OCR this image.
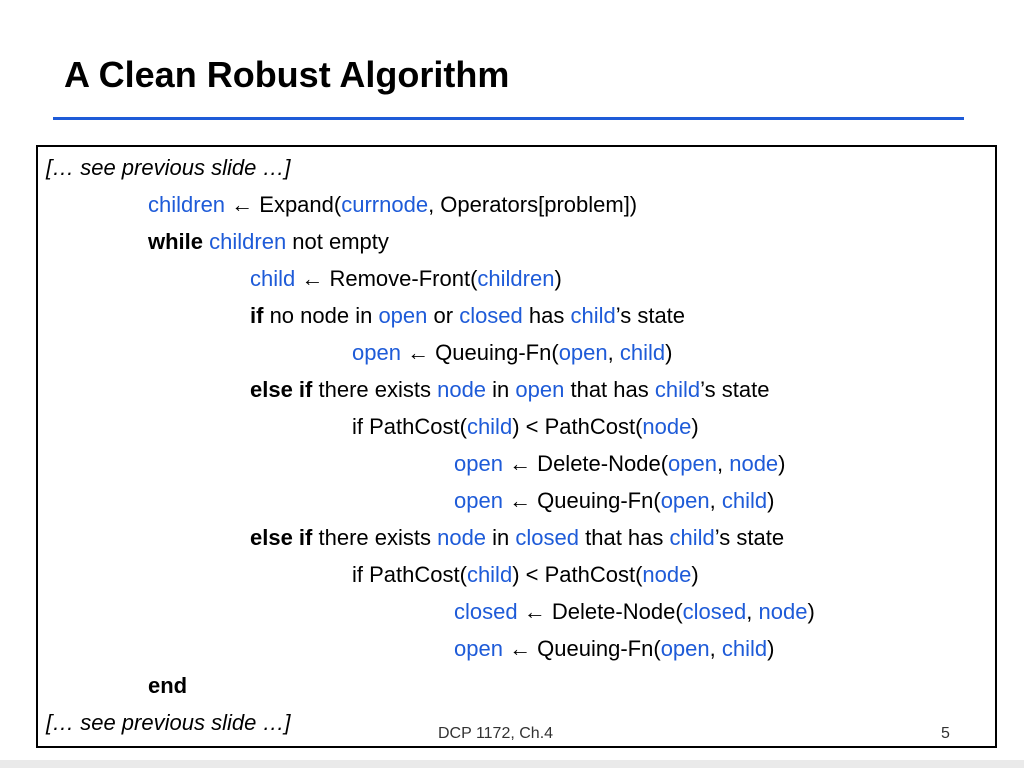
A Clean Robust Algorithm
[… see previous slide …]
children ← Expand(currnode, Operators[problem])
while children not empty
child ← Remove-Front(children)
if no node in open or closed has child’s state
open ← Queuing-Fn(open, child)
else if there exists node in open that has child’s state
if PathCost(child) < PathCost(node)
open ← Delete-Node(open, node)
open ← Queuing-Fn(open, child)
else if there exists node in closed that has child’s state
if PathCost(child) < PathCost(node)
closed ← Delete-Node(closed, node)
open ← Queuing-Fn(open, child)
end
[… see previous slide …]	DCP 1172, Ch.4	5
